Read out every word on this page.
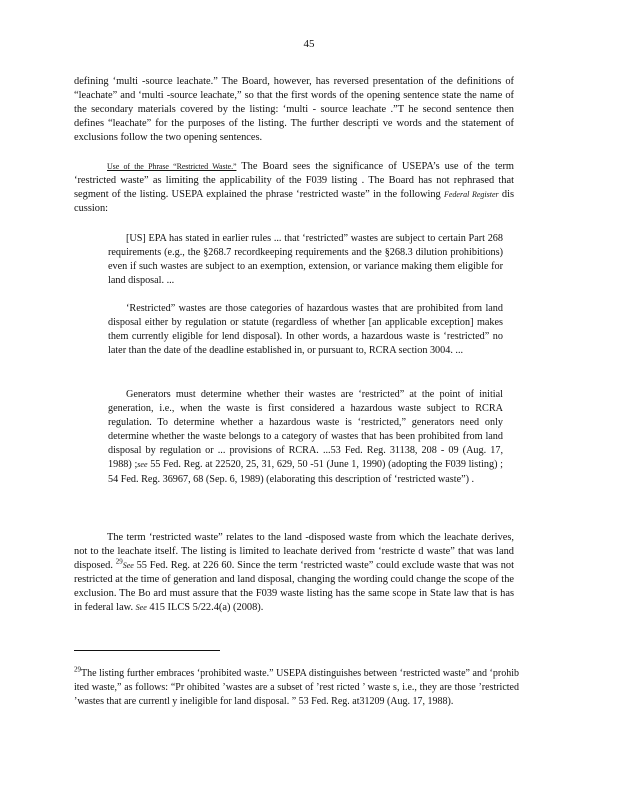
45

defining ‘multi -source leachate.” The Board, however, has reversed presentation of the definitions of “leachate” and ‘multi -source leachate,” so that the first words of the opening sentence state the name of the secondary materials covered by the listing: ‘multi - source leachate .”T he second sentence then defines “leachate” for the purposes of the listing. The further descripti ve words and the statement of exclusions follow the two opening sentences.

Use of the Phrase “Restricted Waste.” The Board sees the significance of USEPA’s use of the term ‘restricted waste” as limiting the applicability of the F039 listing . The Board has not rephrased that segment of the listing. USEPA explained the phrase ‘restricted waste” in the following Federal Register dis cussion:

[US] EPA has stated in earlier rules ... that ‘restricted” wastes are subject to certain Part 268 requirements (e.g., the §268.7 recordkeeping requirements and the §268.3 dilution prohibitions) even if such wastes are subject to an exemption, extension, or variance making them eligible for land disposal. ...

‘Restricted” wastes are those categories of hazardous wastes that are prohibited from land disposal either by regulation or statute (regardless of whether [an applicable exception] makes them currently eligible for lend disposal). In other words, a hazardous waste is ‘restricted” no later than the date of the deadline established in, or pursuant to, RCRA section 3004. ...

Generators must determine whether their wastes are ‘restricted” at the point of initial generation, i.e., when the waste is first considered a hazardous waste subject to RCRA regulation. To determine whether a hazardous waste is ‘restricted,” generators need only determine whether the waste belongs to a category of wastes that has been prohibited from land disposal by regulation or ... provisions of RCRA. ...53 Fed. Reg. 31138, 208 - 09 (Aug. 17, 1988) ;see 55 Fed. Reg. at 22520, 25, 31, 629, 50 -51 (June 1, 1990) (adopting the F039 listing) ; 54 Fed. Reg. 36967, 68 (Sep. 6, 1989) (elaborating this description of ‘restricted waste”) .

The term ‘restricted waste” relates to the land -disposed waste from which the leachate derives, not to the leachate itself. The listing is limited to leachate derived from ‘restricte d waste” that was land disposed. $^{29}$See 55 Fed. Reg. at 226 60. Since the term ‘restricted waste” could exclude waste that was not restricted at the time of generation and land disposal, changing the wording could change the scope of the exclusion. The Bo ard must assure that the F039 waste listing has the same scope in State law that is has in federal law. See 415 ILCS 5/22.4(a) (2008).

$^{29}$The listing further embraces ‘prohibited waste.” USEPA distinguishes between ‘restricted waste” and ‘prohib ited waste,” as follows: “Pr ohibited ’wastes are a subset of ’rest ricted ’ waste s, i.e., they are those ’restricted ’wastes that are currentl y ineligible for land disposal. ” 53 Fed. Reg. at31209 (Aug. 17, 1988).
